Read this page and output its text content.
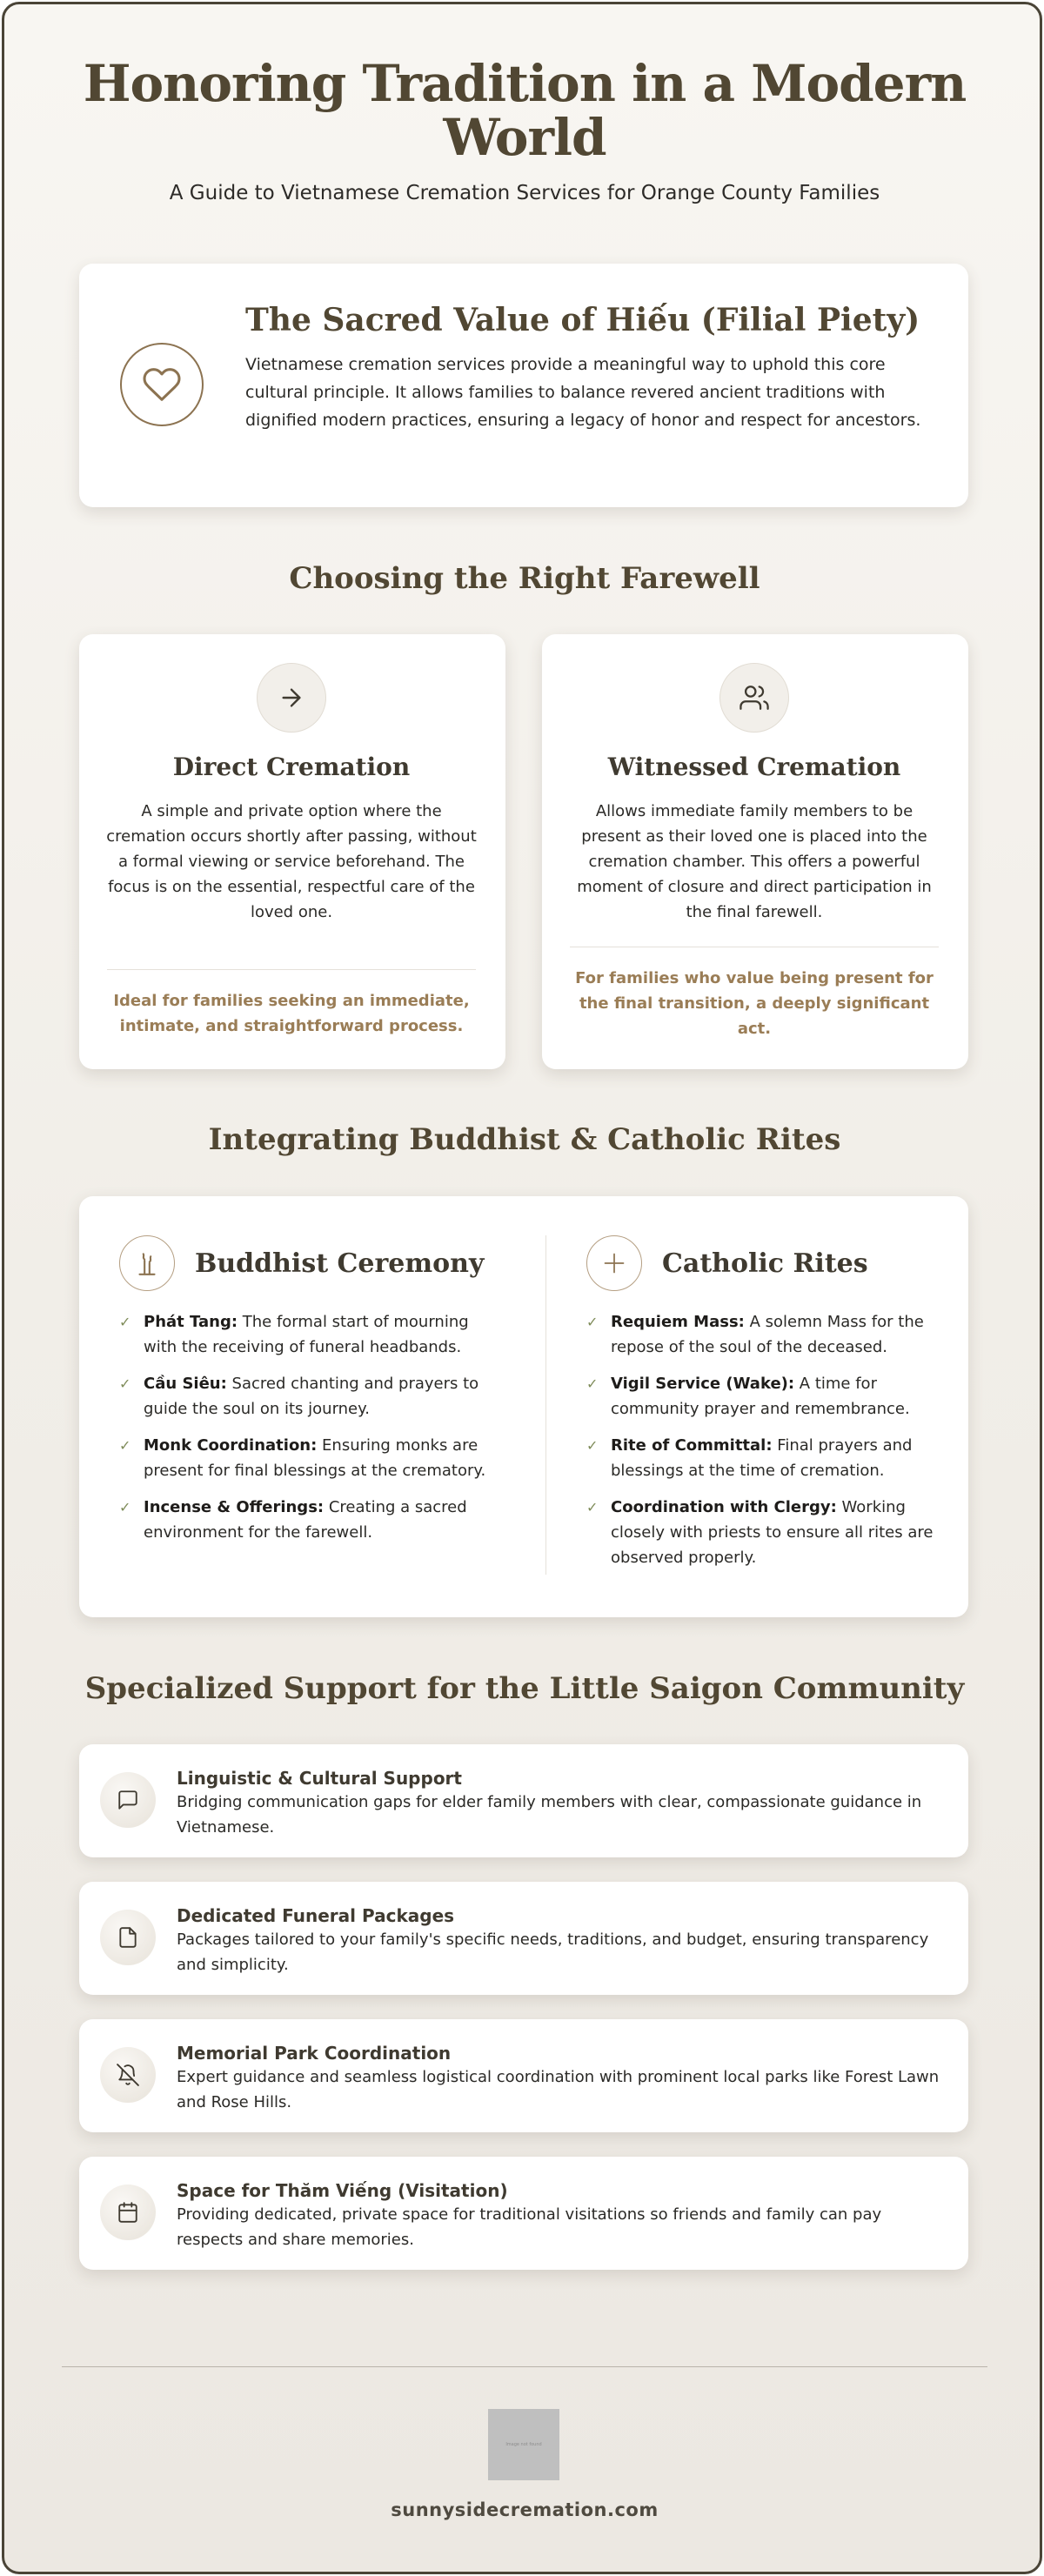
Honoring Tradition in a Modern World

A Guide to Vietnamese Cremation Services for Orange County Families

The Sacred Value of Hiếu (Filial Piety)

Vietnamese cremation services provide a meaningful way to uphold this core cultural principle. It allows families to balance revered ancient traditions with dignified modern practices, ensuring a legacy of honor and respect for ancestors.

Choosing the Right Farewell
Direct Cremation

A simple and private option where the cremation occurs shortly after passing, without a formal viewing or service beforehand. The focus is on the essential, respectful care of the loved one.

Ideal for families seeking an immediate, intimate, and straightforward process.

Witnessed Cremation

Allows immediate family members to be present as their loved one is placed into the cremation chamber. This offers a powerful moment of closure and direct participation in the final farewell.

For families who value being present for the final transition, a deeply significant act.

Integrating Buddhist & Catholic Rites
Buddhist Ceremony
✓ Phát Tang: The formal start of mourning with the receiving of funeral headbands.
✓ Cầu Siêu: Sacred chanting and prayers to guide the soul on its journey.
✓ Monk Coordination: Ensuring monks are present for final blessings at the crematory.
✓ Incense & Offerings: Creating a sacred environment for the farewell.
Catholic Rites
✓ Requiem Mass: A solemn Mass for the repose of the soul of the deceased.
✓ Vigil Service (Wake): A time for community prayer and remembrance.
✓ Rite of Committal: Final prayers and blessings at the time of cremation.
✓ Coordination with Clergy: Working closely with priests to ensure all rites are observed properly.
Specialized Support for the Little Saigon Community
Linguistic & Cultural Support

Bridging communication gaps for elder family members with clear, compassionate guidance in Vietnamese.

Dedicated Funeral Packages

Packages tailored to your family's specific needs, traditions, and budget, ensuring transparency and simplicity.

Memorial Park Coordination

Expert guidance and seamless logistical coordination with prominent local parks like Forest Lawn and Rose Hills.

Space for Thăm Viếng (Visitation)

Providing dedicated, private space for traditional visitations so friends and family can pay respects and share memories.

Image not found
sunnysidecremation.com
